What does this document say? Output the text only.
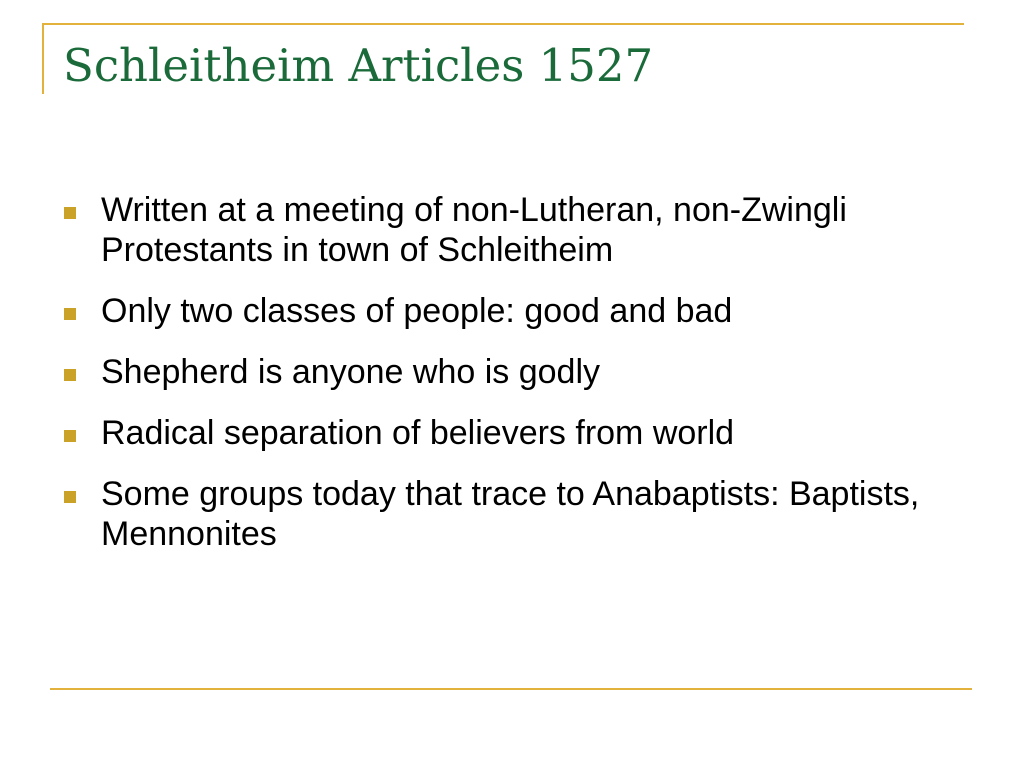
Schleitheim Articles 1527
Written at a meeting of non-Lutheran, non-Zwingli Protestants in town of Schleitheim
Only two classes of people: good and bad
Shepherd is anyone who is godly
Radical separation of believers from world
Some groups today that trace to Anabaptists: Baptists, Mennonites
